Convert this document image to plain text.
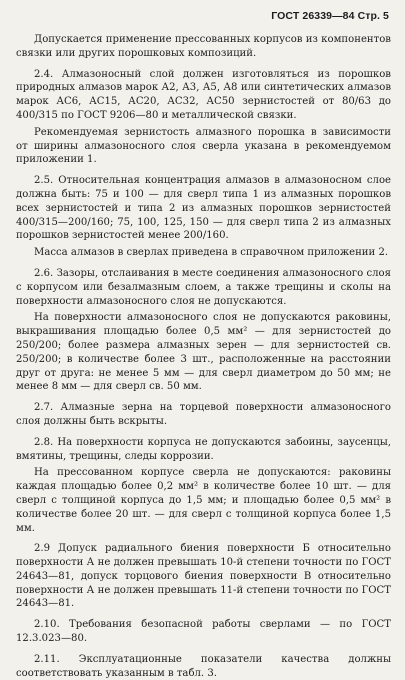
ГОСТ 26339—84 Стр. 5

Допускается применение прессованных корпусов из компонентов связки или других порошковых композиций.

2.4. Алмазоносный слой должен изготовляться из порошков природных алмазов марок А2, А3, А5, А8 или синтетических алмазов марок АС6, АС15, АС20, АС32, АС50 зернистостей от 80/63 до 400/315 по ГОСТ 9206—80 и металлической связки.

Рекомендуемая зернистость алмазного порошка в зависимости от ширины алмазоносного слоя сверла указана в рекомендуемом приложении 1.

2.5. Относительная концентрация алмазов в алмазоносном слое должна быть: 75 и 100 — для сверл типа 1 из алмазных порошков всех зернистостей и типа 2 из алмазных порошков зернистостей 400/315—200/160; 75, 100, 125, 150 — для сверл типа 2 из алмазных порошков зернистостей менее 200/160.

Масса алмазов в сверлах приведена в справочном приложении 2.

2.6. Зазоры, отслаивания в месте соединения алмазоносного слоя с корпусом или безалмазным слоем, а также трещины и сколы на поверхности алмазоносного слоя не допускаются.

На поверхности алмазоносного слоя не допускаются раковины, выкрашивания площадью более 0,5 мм² — для зернистостей до 250/200; более размера алмазных зерен — для зернистостей св. 250/200; в количестве более 3 шт., расположенные на расстоянии друг от друга: не менее 5 мм — для сверл диаметром до 50 мм; не менее 8 мм — для сверл св. 50 мм.

2.7. Алмазные зерна на торцевой поверхности алмазоносного слоя должны быть вскрыты.

2.8. На поверхности корпуса не допускаются забоины, заусенцы, вмятины, трещины, следы коррозии.

На прессованном корпусе сверла не допускаются: раковины каждая площадью более 0,2 мм² в количестве более 10 шт. — для сверл с толщиной корпуса до 1,5 мм; и площадью более 0,5 мм² в количестве более 20 шт. — для сверл с толщиной корпуса более 1,5 мм.

2.9 Допуск радиального биения поверхности Б относительно поверхности А не должен превышать 10-й степени точности по ГОСТ 24643—81, допуск торцового биения поверхности В относительно поверхности А не должен превышать 11-й степени точности по ГОСТ 24643—81.

2.10. Требования безопасной работы сверлами — по ГОСТ 12.3.023—80.

2.11. Эксплуатационные показатели качества должны соответствовать указанным в табл. 3.
